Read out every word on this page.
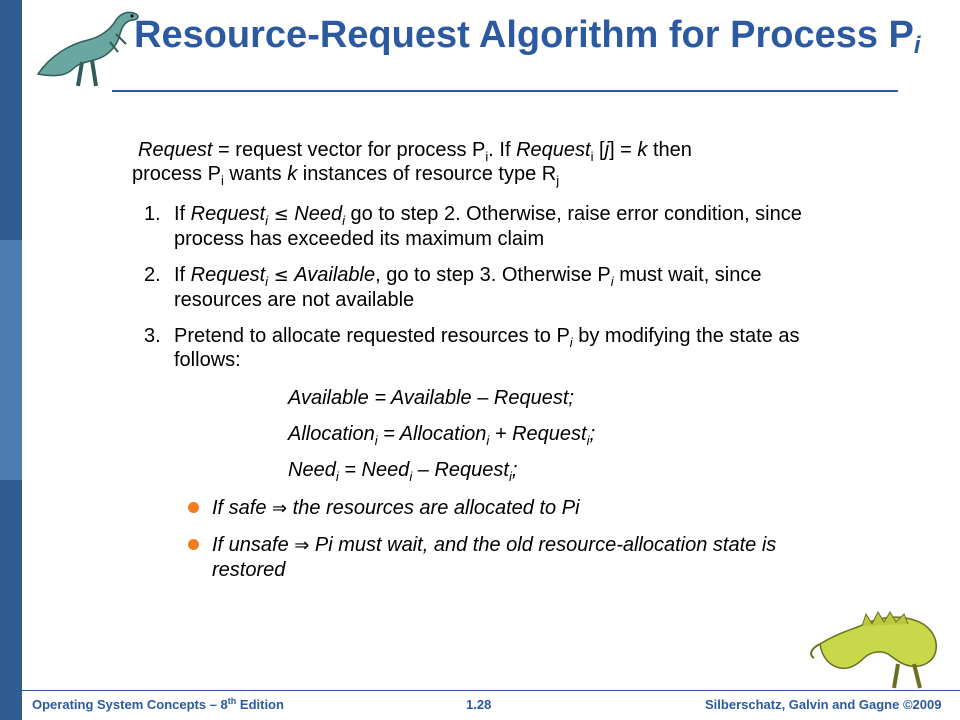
Resource-Request Algorithm for Process $P_i$

Request = request vector for process $P_i$. If Request$_i$ [j] = k then
process $P_i$ wants k instances of resource type $R_j$

1. If Request$_i$ ≤ Need$_i$ go to step 2. Otherwise, raise error condition, since process has exceeded its maximum claim
2. If Request$_i$ ≤ Available, go to step 3. Otherwise $P_i$ must wait, since resources are not available
3. Pretend to allocate requested resources to $P_i$ by modifying the state as follows:

Available = Available – Request;

Allocation$_i$ = Allocation$_i$ + Request$_i$;

Need$_i$ = Need$_i$ – Request$_i$;

If safe ⇒ the resources are allocated to Pi
If unsafe ⇒ Pi must wait, and the old resource-allocation state is restored
Operating System Concepts – 8th Edition	1.28	Silberschatz, Galvin and Gagne ©2009
